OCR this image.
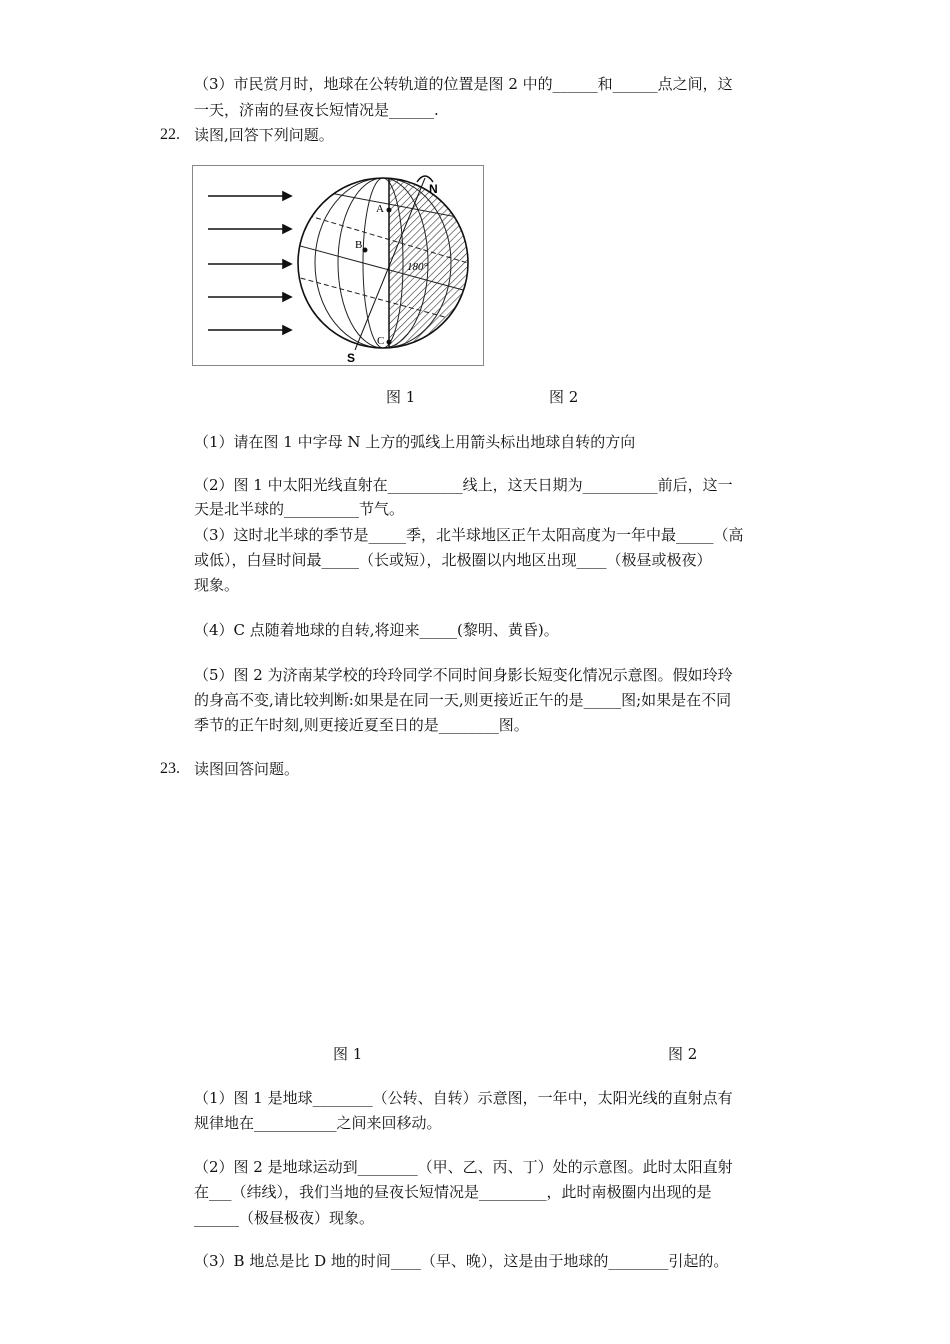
（3）市民赏月时，地球在公转轨道的位置是图 2 中的______和______点之间，这
一天，济南的昼夜长短情况是______.
22. 读图,回答下列问题。
N
S
A
B
C
180°
图 1	图 2
（1）请在图 1 中字母 N 上方的弧线上用箭头标出地球自转的方向
（2）图 1 中太阳光线直射在__________线上，这天日期为__________前后，这一
天是北半球的__________节气。
（3）这时北半球的季节是_____季，北半球地区正午太阳高度为一年中最_____（高
或低），白昼时间最_____（长或短），北极圈以内地区出现____（极昼或极夜）
现象。
（4）C 点随着地球的自转,将迎来_____(黎明、黄昏)。
（5）图 2 为济南某学校的玲玲同学不同时间身影长短变化情况示意图。假如玲玲
的身高不变,请比较判断:如果是在同一天,则更接近正午的是_____图;如果是在不同
季节的正午时刻,则更接近夏至日的是________图。
23. 读图回答问题。
图 1	图 2
（1）图 1 是地球________（公转、自转）示意图，一年中，太阳光线的直射点有
规律地在___________之间来回移动。
（2）图 2 是地球运动到________（甲、乙、丙、丁）处的示意图。此时太阳直射
在___（纬线），我们当地的昼夜长短情况是_________，此时南极圈内出现的是
______（极昼极夜）现象。
（3）B 地总是比 D 地的时间____（早、晚），这是由于地球的________引起的。
